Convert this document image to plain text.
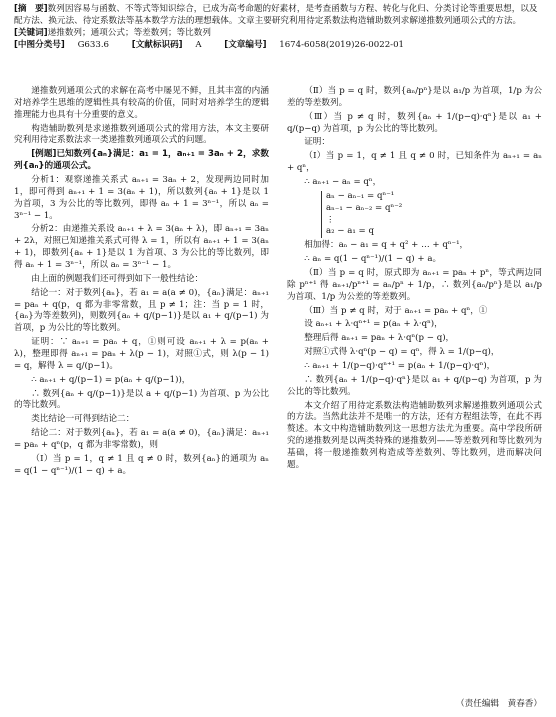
[摘　要]数列因容易与函数、不等式等知识综合，已成为高考命题的好素材，是考查函数与方程、转化与化归、分类讨论等重要思想，以及配方法、换元法、待定系数法等基本数学方法的理想载体。文章主要研究利用待定系数法构造辅助数列求解递推数列通项公式的方法。

[关键词]递推数列；通项公式；等差数列；等比数列

[中图分类号] G633.6	[文献标识码] A	[文章编号] 1674-6058(2019)26-0022-01

递推数列通项公式的求解在高考中屡见不鲜，且其丰富的内涵对培养学生思维的逻辑性具有较高的价值，同时对培养学生的逻辑推理能力也具有十分重要的意义。

构造辅助数列是求递推数列通项公式的常用方法，本文主要研究利用待定系数法求一类递推数列通项公式的问题。

[例题]已知数列{aₙ}满足：a₁ = 1，aₙ₊₁ = 3aₙ + 2，求数列{aₙ}的通项公式。

分析1：观察递推关系式 aₙ₊₁ = 3aₙ + 2，发现两边同时加 1，即可得到 aₙ₊₁ + 1 = 3(aₙ + 1)，所以数列{aₙ + 1}是以 1 为首项，3 为公比的等比数列，即得 aₙ + 1 = 3ⁿ⁻¹，所以 aₙ = 3ⁿ⁻¹ − 1。

分析2：由递推关系设 aₙ₊₁ + λ = 3(aₙ + λ)，即 aₙ₊₁ = 3aₙ + 2λ，对照已知递推关系式可得 λ = 1，所以有 aₙ₊₁ + 1 = 3(aₙ + 1)，即数列{aₙ + 1}是以 1 为首项、3 为公比的等比数列，即得 aₙ + 1 = 3ⁿ⁻¹，所以 aₙ = 3ⁿ⁻¹ − 1。

由上面的例题我们还可得到如下一般性结论：

结论一：对于数列{aₙ}，若 a₁ = a(a ≠ 0)，{aₙ}满足：aₙ₊₁ = paₙ + q(p，q 都为非零常数，且 p ≠ 1；注：当 p = 1 时，{aₙ}为等差数列)，则数列{aₙ + q/(p−1)}是以 a₁ + q/(p−1) 为首项，p 为公比的等比数列。

证明：∵ aₙ₊₁ = paₙ + q，①则可设 aₙ₊₁ + λ = p(aₙ + λ)，整理即得 aₙ₊₁ = paₙ + λ(p − 1)，对照①式，则 λ(p − 1) = q，解得 λ = q/(p−1)。

∴ aₙ₊₁ + q/(p−1) = p(aₙ + q/(p−1))，

∴ 数列{aₙ + q/(p−1)}是以 a + q/(p−1) 为首项、p 为公比的等比数列。

类比结论一可得到结论二：

结论二：对于数列{aₙ}，若 a₁ = a(a ≠ 0)，{aₙ}满足：aₙ₊₁ = paₙ + qⁿ(p，q 都为非零常数)，则

（Ⅰ）当 p = 1，q ≠ 1 且 q ≠ 0 时，数列{aₙ}的通项为 aₙ = q(1 − qⁿ⁻¹)/(1 − q) + a。

（Ⅱ）当 p = q 时，数列{aₙ/pⁿ}是以 a₁/p 为首项，1/p 为公差的等差数列。

（Ⅲ）当 p ≠ q 时，数列{aₙ + 1/(p−q)·qⁿ}是以 a₁ + q/(p−q) 为首项，p 为公比的等比数列。

证明：

（Ⅰ）当 p = 1，q ≠ 1 且 q ≠ 0 时，已知条件为 aₙ₊₁ = aₙ + qⁿ，

∴ aₙ₊₁ − aₙ = qⁿ，

aₙ − aₙ₋₁ = qⁿ⁻¹
aₙ₋₁ − aₙ₋₂ = qⁿ⁻²
⋮
a₂ − a₁ = q

相加得：aₙ − a₁ = q + q² + … + qⁿ⁻¹，

∴ aₙ = q(1 − qⁿ⁻¹)/(1 − q) + a。

（Ⅱ）当 p = q 时，原式即为 aₙ₊₁ = paₙ + pⁿ，等式两边同除 pⁿ⁺¹ 得 aₙ₊₁/pⁿ⁺¹ = aₙ/pⁿ + 1/p，∴ 数列{aₙ/pⁿ}是以 a₁/p 为首项、1/p 为公差的等差数列。

（Ⅲ）当 p ≠ q 时，对于 aₙ₊₁ = paₙ + qⁿ，①

设 aₙ₊₁ + λ·qⁿ⁺¹ = p(aₙ + λ·qⁿ)，

整理后得 aₙ₊₁ = paₙ + λ·qⁿ(p − q)，

对照①式得 λ·qⁿ(p − q) = qⁿ，得 λ = 1/(p−q)，

∴ aₙ₊₁ + 1/(p−q)·qⁿ⁺¹ = p(aₙ + 1/(p−q)·qⁿ)，

∴ 数列{aₙ + 1/(p−q)·qⁿ}是以 a₁ + q/(p−q) 为首项，p 为公比的等比数列。

本文介绍了用待定系数法构造辅助数列求解递推数列通项公式的方法。当然此法并不是唯一的方法，还有方程组法等，在此不再赘述。本文中构造辅助数列这一思想方法尤为重要。高中学段所研究的递推数列是以两类特殊的递推数列——等差数列和等比数列为基础，将一般递推数列构造成等差数列、等比数列，进而解决问题。

（责任编辑　黄春香）
